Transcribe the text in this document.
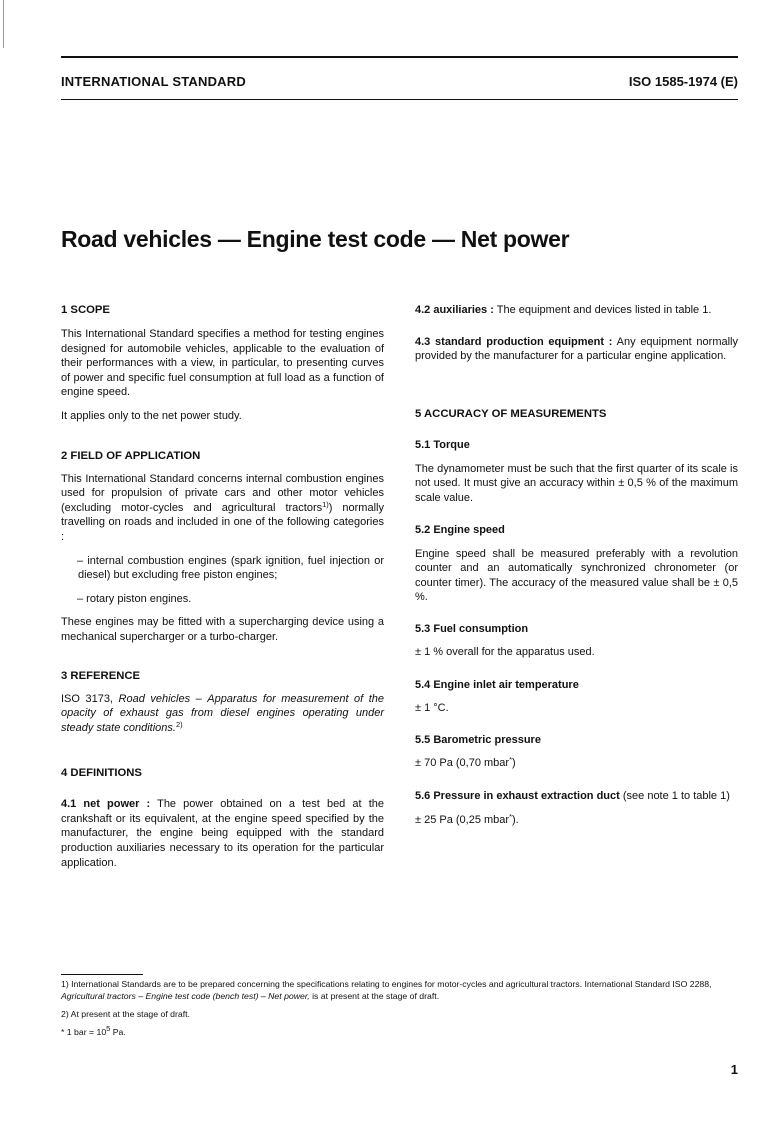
INTERNATIONAL STANDARD	ISO 1585-1974 (E)
Road vehicles — Engine test code — Net power
1 SCOPE

This International Standard specifies a method for testing engines designed for automobile vehicles, applicable to the evaluation of their performances with a view, in particular, to presenting curves of power and specific fuel consumption at full load as a function of engine speed.

It applies only to the net power study.

2 FIELD OF APPLICATION

This International Standard concerns internal combustion engines used for propulsion of private cars and other motor vehicles (excluding motor-cycles and agricultural tractors$^{1)}$) normally travelling on roads and included in one of the following categories :

– internal combustion engines (spark ignition, fuel injection or diesel) but excluding free piston engines;

– rotary piston engines.

These engines may be fitted with a supercharging device using a mechanical supercharger or a turbo-charger.

3 REFERENCE

ISO 3173, Road vehicles – Apparatus for measurement of the opacity of exhaust gas from diesel engines operating under steady state conditions.$^{2)}$

4 DEFINITIONS

4.1 net power : The power obtained on a test bed at the crankshaft or its equivalent, at the engine speed specified by the manufacturer, the engine being equipped with the standard production auxiliaries necessary to its operation for the particular application.

4.2 auxiliaries : The equipment and devices listed in table 1.

4.3 standard production equipment : Any equipment normally provided by the manufacturer for a particular engine application.

5 ACCURACY OF MEASUREMENTS
5.1 Torque

The dynamometer must be such that the first quarter of its scale is not used. It must give an accuracy within ± 0,5 % of the maximum scale value.

5.2 Engine speed

Engine speed shall be measured preferably with a revolution counter and an automatically synchronized chronometer (or counter timer). The accuracy of the measured value shall be ± 0,5 %.

5.3 Fuel consumption

± 1 % overall for the apparatus used.

5.4 Engine inlet air temperature

± 1 °C.

5.5 Barometric pressure

± 70 Pa (0,70 mbar*)

5.6 Pressure in exhaust extraction duct (see note 1 to table 1)

± 25 Pa (0,25 mbar*).

1) International Standards are to be prepared concerning the specifications relating to engines for motor-cycles and agricultural tractors. International Standard ISO 2288, Agricultural tractors – Engine test code (bench test) – Net power, is at present at the stage of draft.

2) At present at the stage of draft.

* 1 bar = $10^5$ Pa.

1
